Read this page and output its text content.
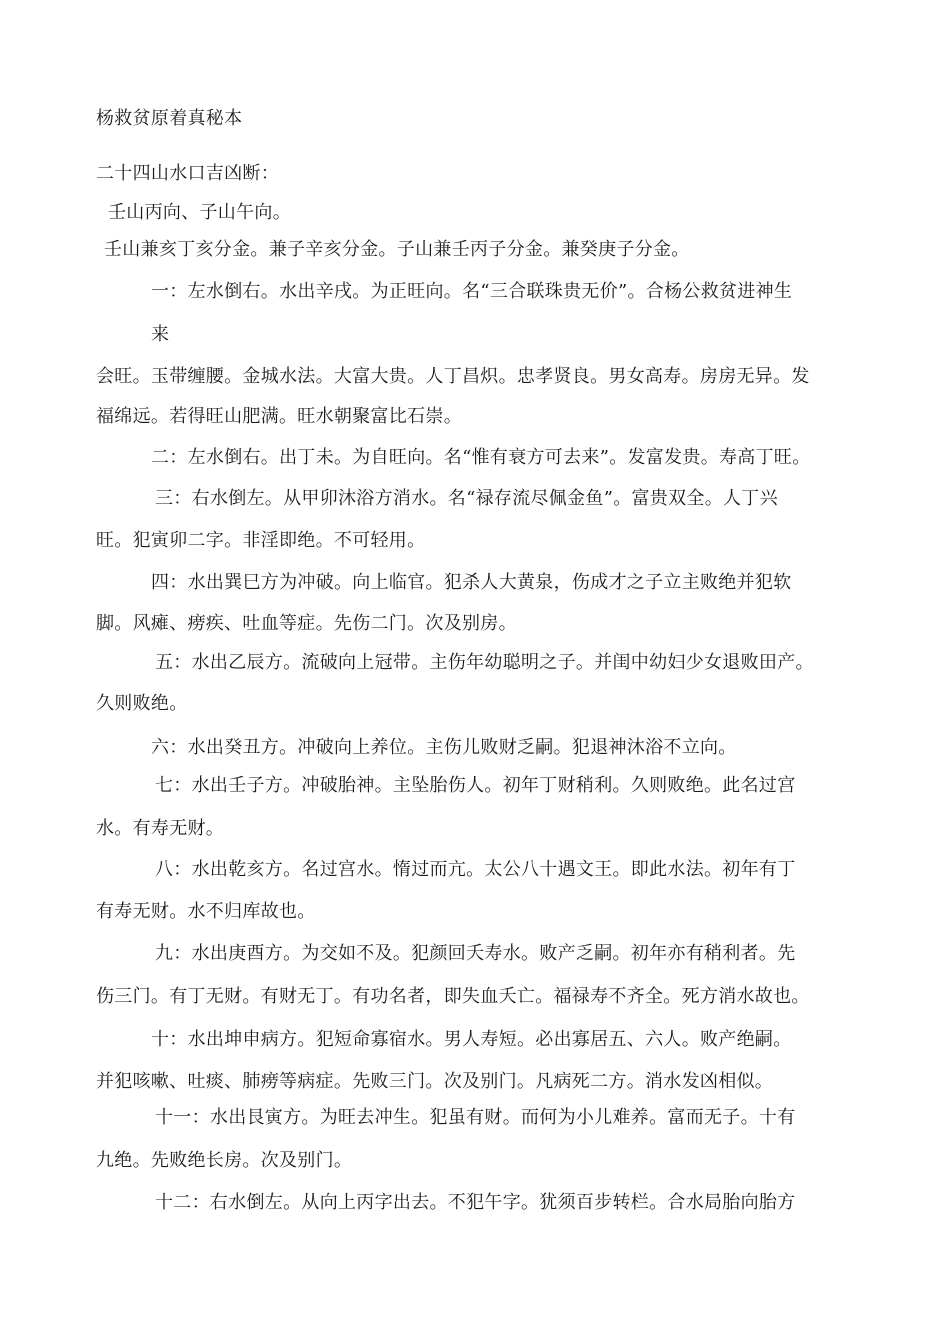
杨救贫原着真秘本
二十四山水口吉凶断：
壬山丙向、子山午向。
壬山兼亥丁亥分金。兼子辛亥分金。子山兼壬丙子分金。兼癸庚子分金。
一：左水倒右。水出辛戌。为正旺向。名“三合联珠贵无价”。合杨公救贫进神生
来
会旺。玉带缠腰。金城水法。大富大贵。人丁昌炽。忠孝贤良。男女高寿。房房无异。发
福绵远。若得旺山肥满。旺水朝聚富比石崇。
二：左水倒右。出丁未。为自旺向。名“惟有衰方可去来”。发富发贵。寿高丁旺。
三：右水倒左。从甲卯沐浴方消水。名“禄存流尽佩金鱼”。富贵双全。人丁兴
旺。犯寅卯二字。非淫即绝。不可轻用。
四：水出巽巳方为冲破。向上临官。犯杀人大黄泉，伤成才之子立主败绝并犯软
脚。风瘫、痨疾、吐血等症。先伤二门。次及别房。
五：水出乙辰方。流破向上冠带。主伤年幼聪明之子。并闺中幼妇少女退败田产。
久则败绝。
六：水出癸丑方。冲破向上养位。主伤儿败财乏嗣。犯退神沐浴不立向。
七：水出壬子方。冲破胎神。主坠胎伤人。初年丁财稍利。久则败绝。此名过宫
水。有寿无财。
八：水出乾亥方。名过宫水。惰过而亢。太公八十遇文王。即此水法。初年有丁
有寿无财。水不归库故也。
九：水出庚酉方。为交如不及。犯颜回夭寿水。败产乏嗣。初年亦有稍利者。先
伤三门。有丁无财。有财无丁。有功名者，即失血夭亡。福禄寿不齐全。死方消水故也。
十：水出坤申病方。犯短命寡宿水。男人寿短。必出寡居五、六人。败产绝嗣。
并犯咳嗽、吐痰、肺痨等病症。先败三门。次及别门。凡病死二方。消水发凶相似。
十一：水出艮寅方。为旺去冲生。犯虽有财。而何为小儿难养。富而无子。十有
九绝。先败绝长房。次及别门。
十二：右水倒左。从向上丙字出去。不犯午字。犹须百步转栏。合水局胎向胎方
